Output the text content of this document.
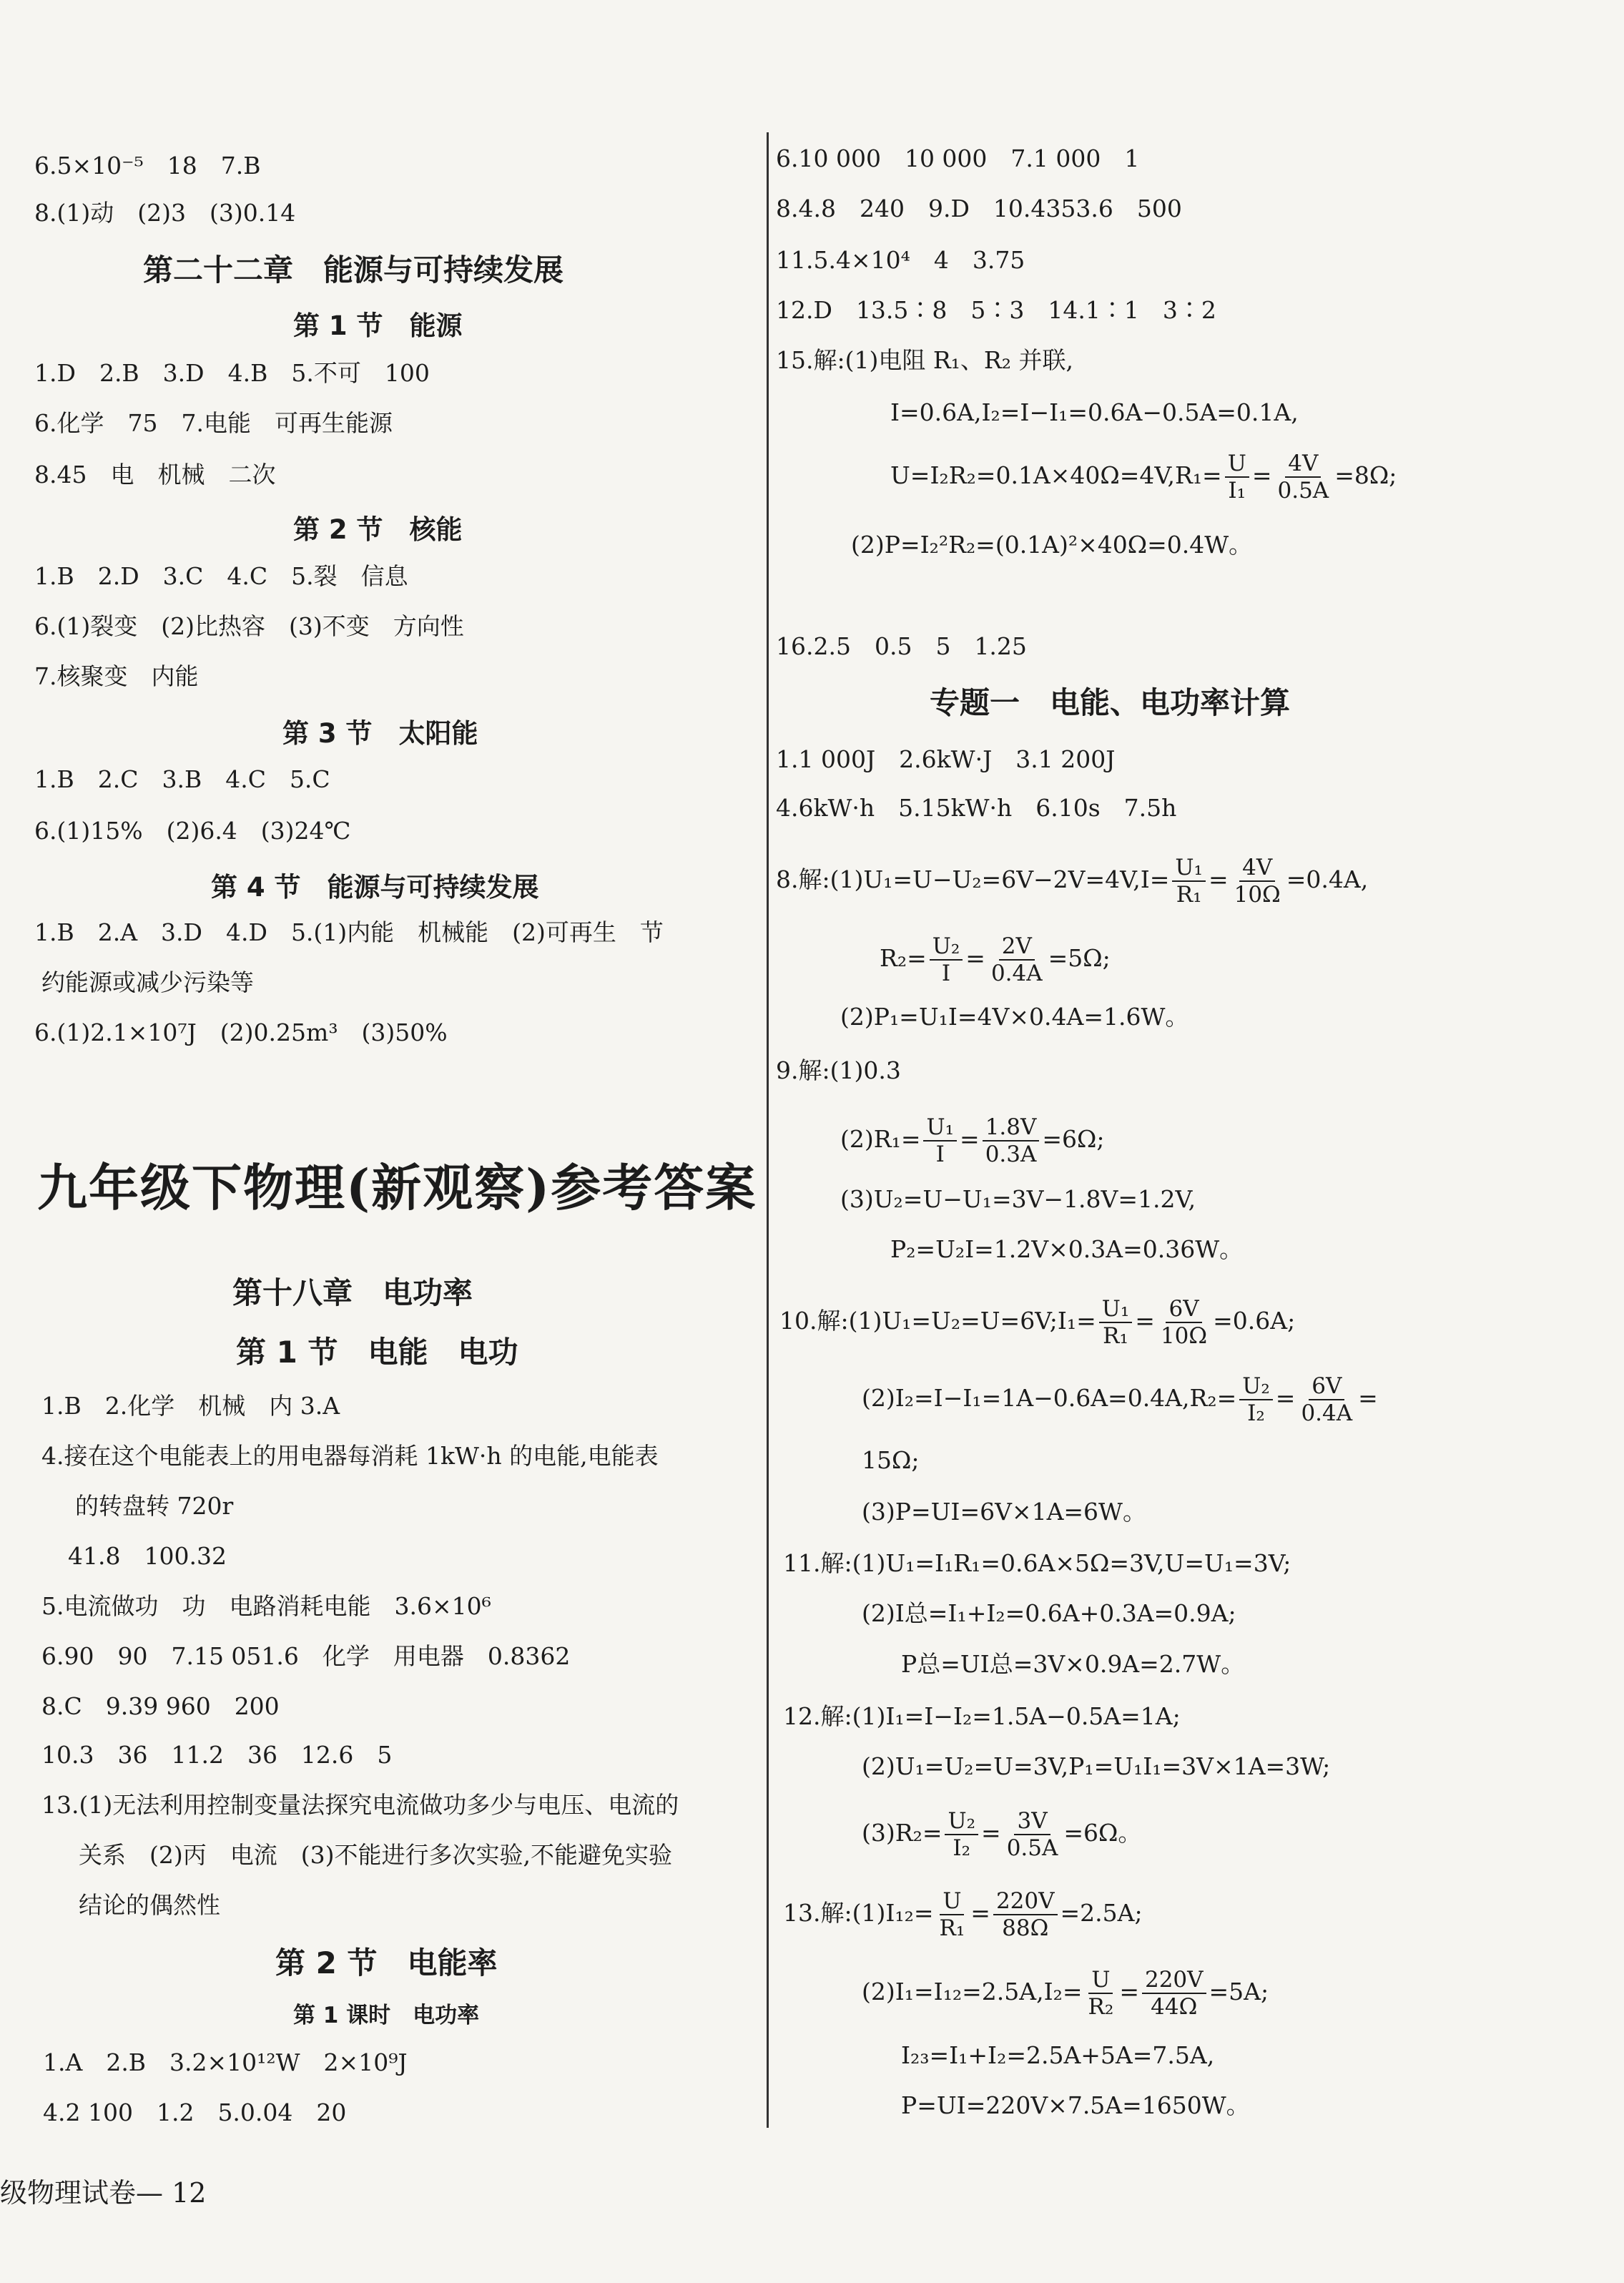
6.5×10⁻⁵　18　7.B
8.(1)动　(2)3　(3)0.14
第二十二章　能源与可持续发展
第 1 节　能源
1.D　2.B　3.D　4.B　5.不可　100
6.化学　75　7.电能　可再生能源
8.45　电　机械　二次
第 2 节　核能
1.B　2.D　3.C　4.C　5.裂　信息
6.(1)裂变　(2)比热容　(3)不变　方向性
7.核聚变　内能
第 3 节　太阳能
1.B　2.C　3.B　4.C　5.C
6.(1)15%　(2)6.4　(3)24℃
第 4 节　能源与可持续发展
1.B　2.A　3.D　4.D　5.(1)内能　机械能　(2)可再生　节
约能源或减少污染等
6.(1)2.1×10⁷J　(2)0.25m³　(3)50%
九年级下物理(新观察)参考答案
第十八章　电功率
第 1 节　电能　电功
1.B　2.化学　机械　内 3.A
4.接在这个电能表上的用电器每消耗 1kW·h 的电能,电能表
的转盘转 720r
41.8　100.32
5.电流做功　功　电路消耗电能　3.6×10⁶
6.90　90　7.15 051.6　化学　用电器　0.8362
8.C　9.39 960　200
10.3　36　11.2　36　12.6　5
13.(1)无法利用控制变量法探究电流做功多少与电压、电流的
关系　(2)丙　电流　(3)不能进行多次实验,不能避免实验
结论的偶然性
第 2 节　电能率
第 1 课时　电功率
1.A　2.B　3.2×10¹²W　2×10⁹J
4.2 100　1.2　5.0.04　20
级物理试卷— 12
6.10 000　10 000　7.1 000　1
8.4.8　240　9.D　10.4353.6　500
11.5.4×10⁴　4　3.75
12.D　13.5∶8　5∶3　14.1∶1　3∶2
15.解:(1)电阻 R₁、R₂ 并联,
I=0.6A,I₂=I−I₁=0.6A−0.5A=0.1A,
$U=I_2R_2=0.1A\times 40\Omega=4V,R_1= \frac{U}{\text{I₁}} = \frac{4V}{0.5A} =8\Omega$;
(2)P=I₂²R₂=(0.1A)²×40Ω=0.4W。
16.2.5　0.5　5　1.25
专题一　电能、电功率计算
1.1 000J　2.6kW·J　3.1 200J
4.6kW·h　5.15kW·h　6.10s　7.5h
8.解:(1)U₁=U−U₂=6V−2V=4V,I= $\frac{\text{U₁}}{\text{R₁}} = \frac{4V}{10\Omega} =0.4A$,
$R_2= \frac{\text{U₂}}{I} = \frac{2V}{0.4A} =5\Omega$;
(2)P₁=U₁I=4V×0.4A=1.6W。
9.解:(1)0.3
$(2)R_1= \frac{\text{U₁}}{I} = \frac{1.8V}{0.3A} =6\Omega$;
(3)U₂=U−U₁=3V−1.8V=1.2V,
P₂=U₂I=1.2V×0.3A=0.36W。
10.解:(1)U₁=U₂=U=6V;I₁= $\frac{\text{U₁}}{\text{R₁}} = \frac{6V}{10\Omega} =0.6A$;
$(2)I_2=I-I_1=1A-0.6A=0.4A,R_2= \frac{\text{U₂}}{\text{I₂}} = \frac{6V}{0.4A}$ =
15Ω;
(3)P=UI=6V×1A=6W。
11.解:(1)U₁=I₁R₁=0.6A×5Ω=3V,U=U₁=3V;
(2)I总=I₁+I₂=0.6A+0.3A=0.9A;
P总=UI总=3V×0.9A=2.7W。
12.解:(1)I₁=I−I₂=1.5A−0.5A=1A;
(2)U₁=U₂=U=3V,P₁=U₁I₁=3V×1A=3W;
$(3)R_2= \frac{\text{U₂}}{\text{I₂}} = \frac{3V}{0.5A} =6\Omega$。
13.解:(1)I₁₂= $\frac{U}{\text{R₁}} = \frac{220V}{88\Omega} =2.5A$;
$(2)I_1=I_{12}=2.5A,I_2= \frac{U}{\text{R₂}} = \frac{220V}{44\Omega} =5A$;
I₂₃=I₁+I₂=2.5A+5A=7.5A,
P=UI=220V×7.5A=1650W。
